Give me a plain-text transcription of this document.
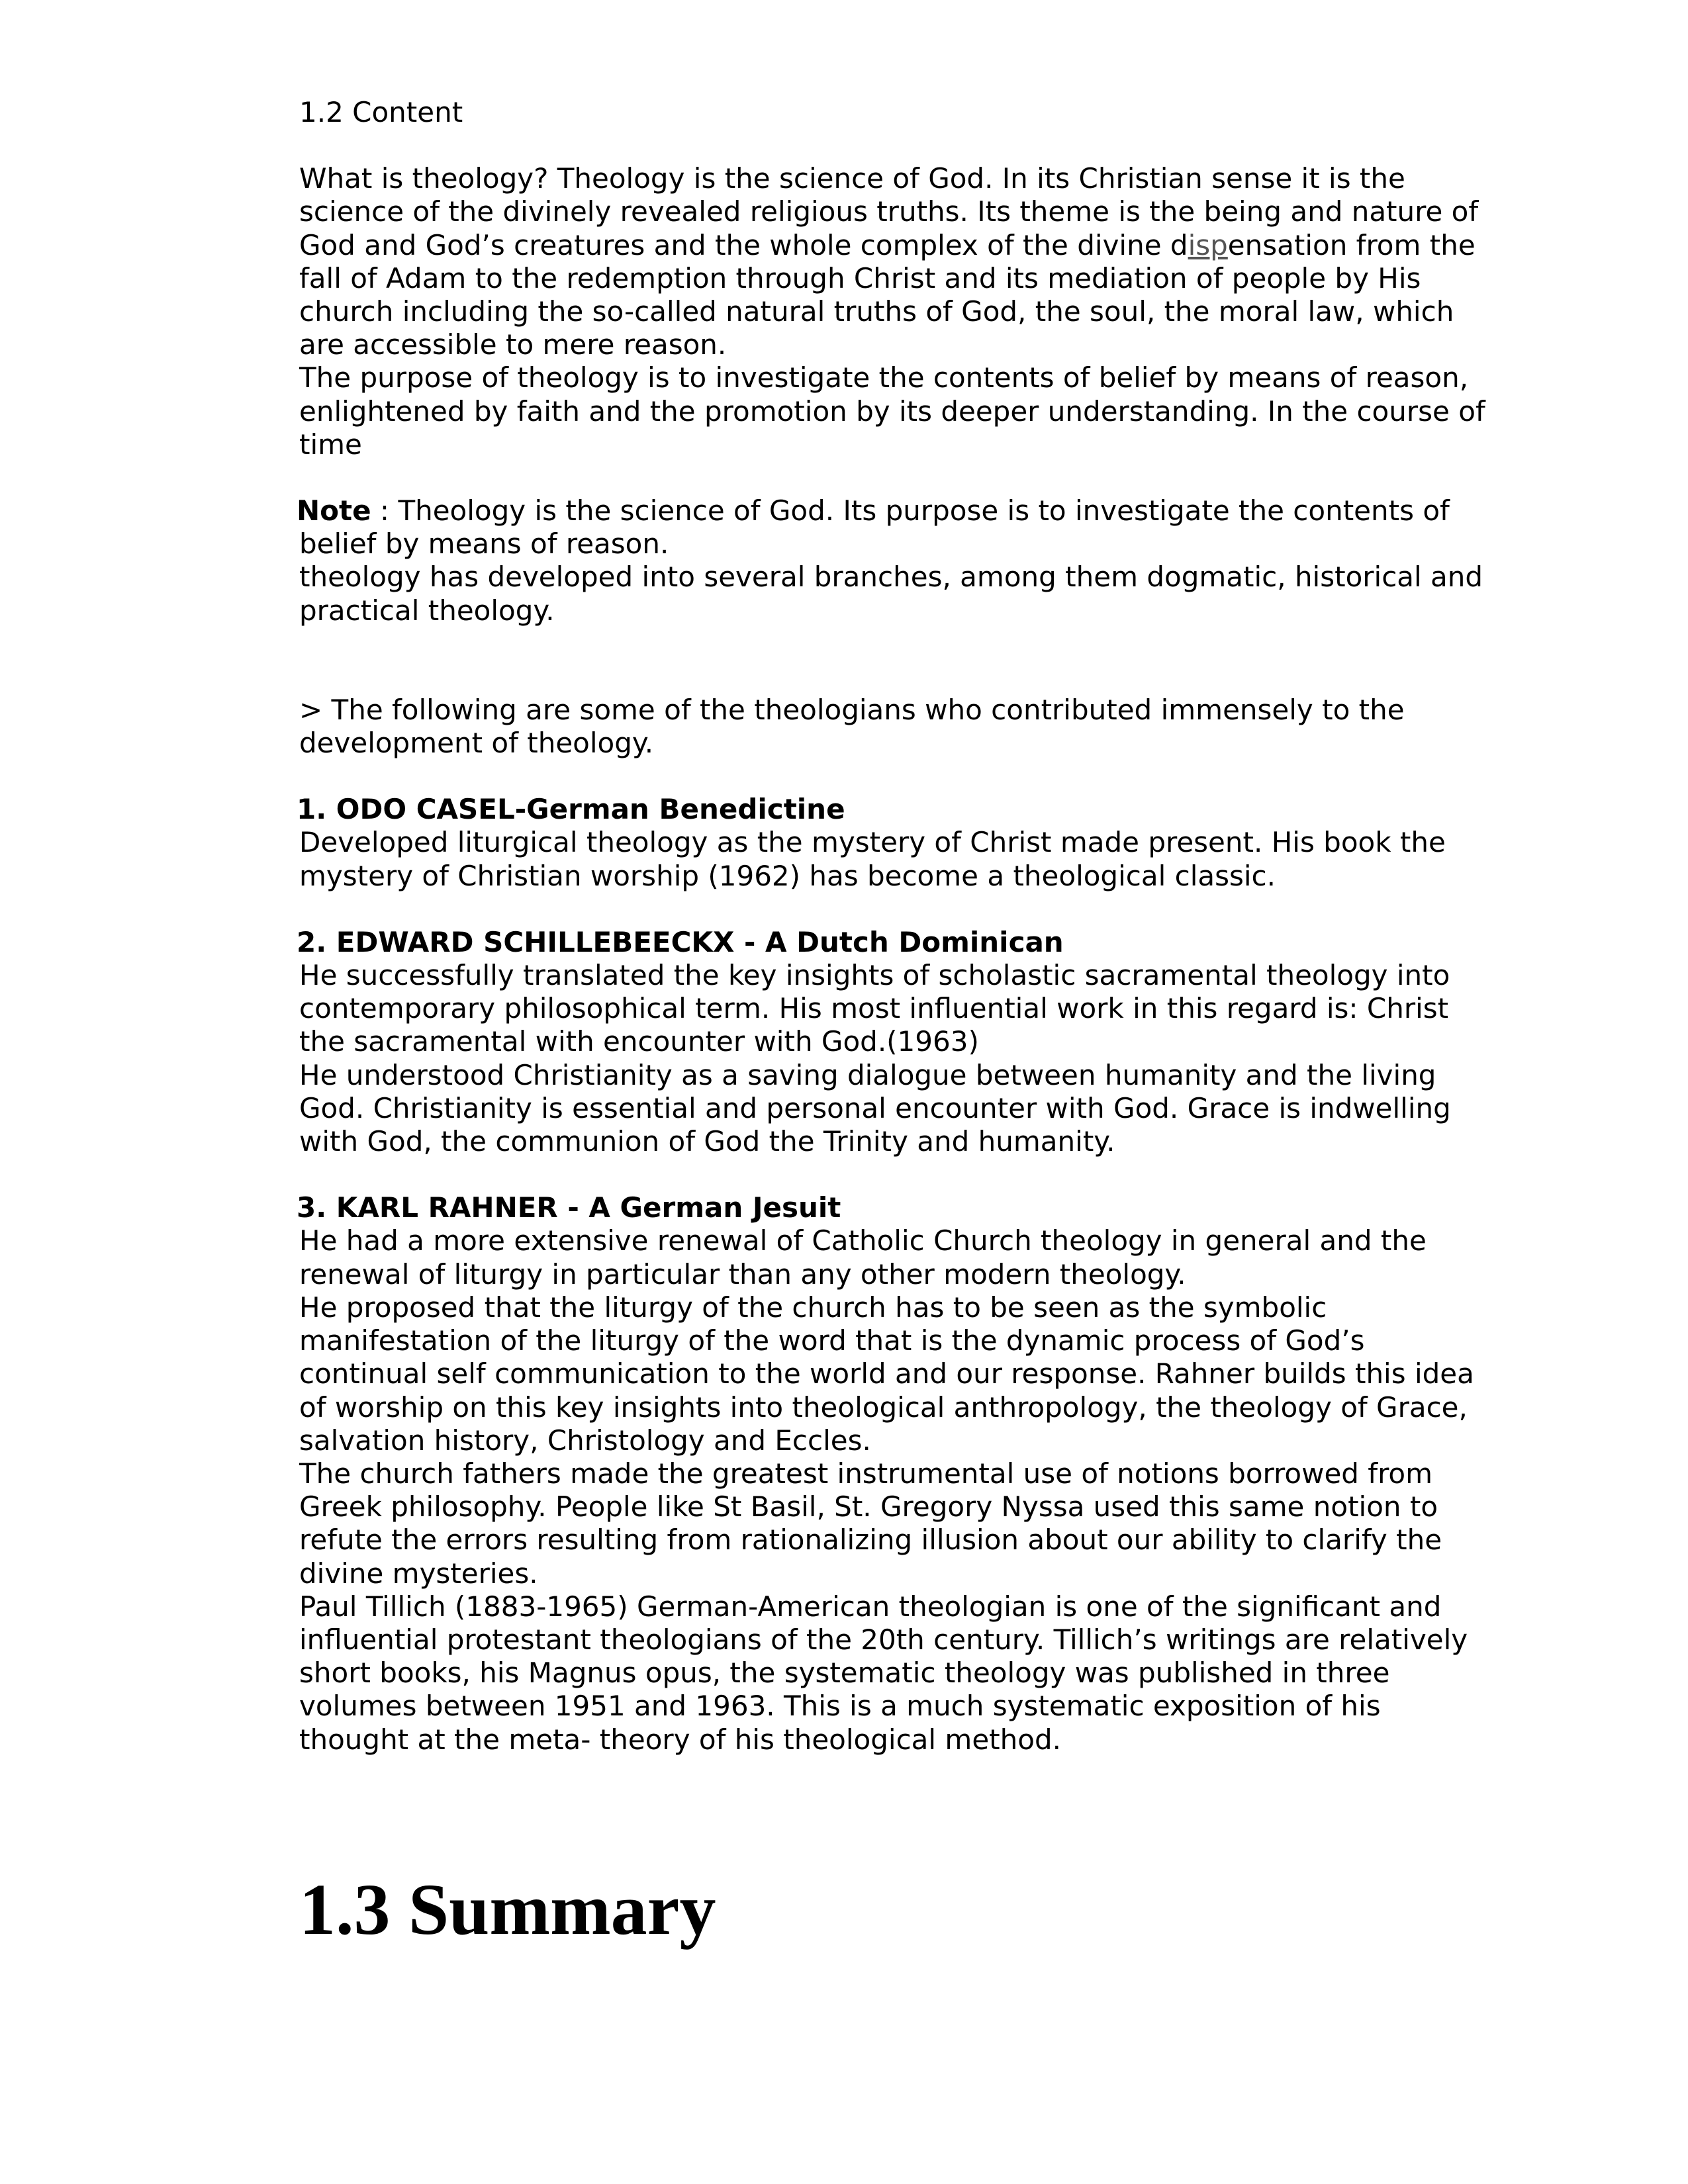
1.2 Content
What is theology? Theology is the science of God. In its Christian sense it is the
science of the divinely revealed religious truths. Its theme is the being and nature of
God and God’s creatures and the whole complex of the divine dispensation from the
fall of Adam to the redemption through Christ and its mediation of people by His
church including the so-called natural truths of God, the soul, the moral law, which
are accessible to mere reason.
The purpose of theology is to investigate the contents of belief by means of reason,
enlightened by faith and the promotion by its deeper understanding. In the course of
time
Note : Theology is the science of God. Its purpose is to investigate the contents of
belief by means of reason.
theology has developed into several branches, among them dogmatic, historical and
practical theology.
> The following are some of the theologians who contributed immensely to the
development of theology.
1. ODO CASEL-German Benedictine
Developed liturgical theology as the mystery of Christ made present. His book the
mystery of Christian worship (1962) has become a theological classic.
2. EDWARD SCHILLEBEECKX - A Dutch Dominican
He successfully translated the key insights of scholastic sacramental theology into
contemporary philosophical term. His most influential work in this regard is: Christ
the sacramental with encounter with God.(1963)
He understood Christianity as a saving dialogue between humanity and the living
God. Christianity is essential and personal encounter with God. Grace is indwelling
with God, the communion of God the Trinity and humanity.
3. KARL RAHNER - A German Jesuit
He had a more extensive renewal of Catholic Church theology in general and the
renewal of liturgy in particular than any other modern theology.
He proposed that the liturgy of the church has to be seen as the symbolic
manifestation of the liturgy of the word that is the dynamic process of God’s
continual self communication to the world and our response. Rahner builds this idea
of worship on this key insights into theological anthropology, the theology of Grace,
salvation history, Christology and Eccles.
The church fathers made the greatest instrumental use of notions borrowed from
Greek philosophy. People like St Basil, St. Gregory Nyssa used this same notion to
refute the errors resulting from rationalizing illusion about our ability to clarify the
divine mysteries.
Paul Tillich (1883-1965) German-American theologian is one of the significant and
influential protestant theologians of the 20th century. Tillich’s writings are relatively
short books, his Magnus opus, the systematic theology was published in three
volumes between 1951 and 1963. This is a much systematic exposition of his
thought at the meta- theory of his theological method.
1.3 Summary
